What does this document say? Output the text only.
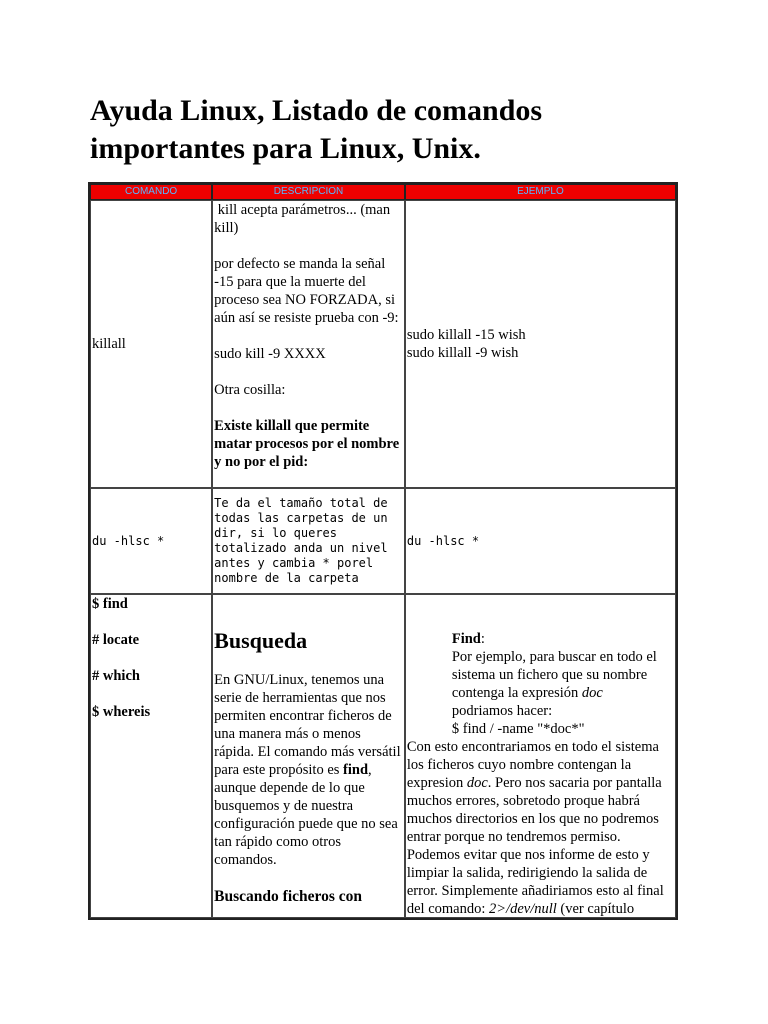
Ayuda Linux, Listado de comandos importantes para Linux, Unix.
COMANDO	DESCRIPCION	EJEMPLO
killall

kill acepta parámetros... (man kill)

por defecto se manda la señal -15 para que la muerte del proceso sea NO FORZADA, si aún así se resiste prueba con -9:

sudo kill -9 XXXX

Otra cosilla:

Existe killall que permite matar procesos por el nombre y no por el pid:

sudo killall -15 wish

sudo killall -9 wish

du -hlsc *

Te da el tamaño total de todas las carpetas de un dir, si lo queres totalizado anda un nivel antes y cambia * porel nombre de la carpeta

du -hlsc *

$ find

# locate

# which

$ whereis

Busqueda

En GNU/Linux, tenemos una serie de herramientas que nos permiten encontrar ficheros de una manera más o menos rápida. El comando más versátil para este propósito es find, aunque depende de lo que busquemos y de nuestra configuración puede que no sea tan rápido como otros comandos.

Buscando ficheros con

Find:

Por ejemplo, para buscar en todo el sistema un fichero que su nombre contenga la expresión doc

podriamos hacer:

$ find / -name "*doc*"

Con esto encontrariamos en todo el sistema los ficheros cuyo nombre contengan la expresion doc. Pero nos sacaria por pantalla muchos errores, sobretodo proque habrá muchos directorios en los que no podremos entrar porque no tendremos permiso. Podemos evitar que nos informe de esto y limpiar la salida, redirigiendo la salida de error. Simplemente añadiriamos esto al final del comando: 2>/dev/null (ver capítulo
